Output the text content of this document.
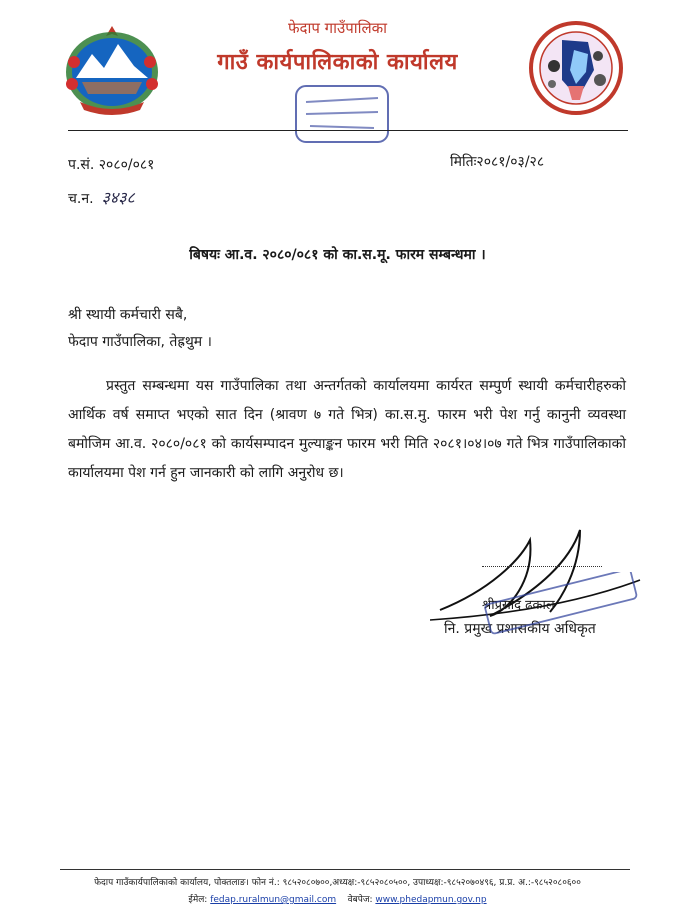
फेदाप गाउँपालिका
गाउँ कार्यपालिकाको कार्यालय
प.सं. २०८०/०८१
च.न. ३४३८
मितिः२०८१/०३/२८
बिषयः आ.व. २०८०/०८१ को का.स.मू. फारम सम्बन्धमा ।
श्री स्थायी कर्मचारी सबै,
फेदाप गाउँपालिका, तेह्रथुम ।
प्रस्तुत सम्बन्धमा यस गाउँपालिका तथा अन्तर्गतको कार्यालयमा कार्यरत सम्पुर्ण स्थायी कर्मचारीहरुको आर्थिक वर्ष समाप्त भएको सात दिन (श्रावण ७ गते भित्र) का.स.मु. फारम भरी पेश गर्नु कानुनी व्यवस्था बमोजिम आ.व. २०८०/०८१ को कार्यसम्पादन मुल्याङ्कन फारम भरी मिति २०८१।०४।०७ गते भित्र गाउँपालिकाको कार्यालयमा पेश गर्न हुन जानकारी को लागि अनुरोध छ।
श्रीप्रसाद ढकाल
नि. प्रमुख प्रशासकीय अधिकृत
फेदाप गाउँकार्यपालिकाको कार्यालय, पोक्तलाङ। फोन नं.: ९८५२०८०७००,अध्यक्ष:-९८५२०८०५००, उपाध्यक्ष:-९८५२०७०४९६, प्र.प्र. अ.:-९८५२०८०६००
ईमेल: fedap.ruralmun@gmail.com वेबपेज: www.phedapmun.gov.np
